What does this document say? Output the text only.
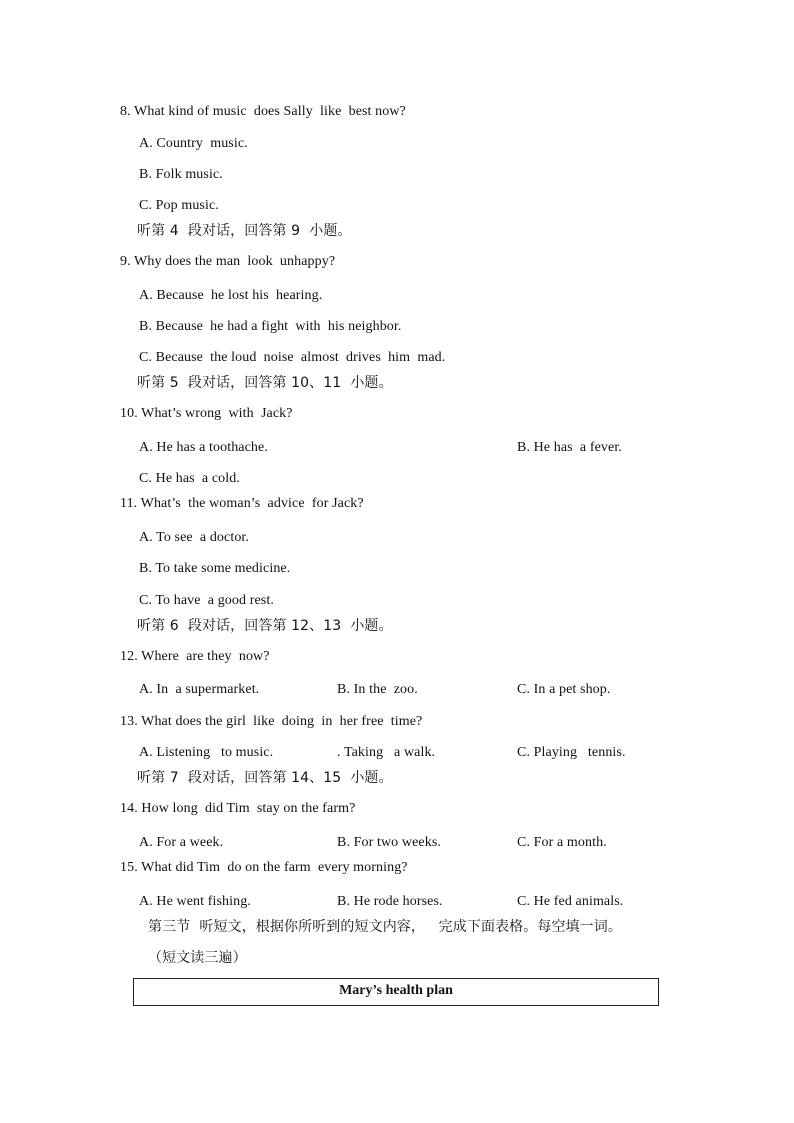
8. What kind of music  does Sally  like  best now?
A. Country  music.
B. Folk music.
C. Pop music.
听第 4  段对话，回答第 9  小题。
9. Why does the man  look  unhappy?
A. Because  he lost his  hearing.
B. Because  he had a fight  with  his neighbor.
C. Because  the loud  noise  almost  drives  him  mad.
听第 5  段对话，回答第 10、11  小题。
10. What’s wrong  with  Jack?
A. He has a toothache.	B. He has  a fever.
C. He has  a cold.
11. What’s  the woman’s  advice  for Jack?
A. To see  a doctor.
B. To take some medicine.
C. To have  a good rest.
听第 6  段对话，回答第 12、13  小题。
12. Where  are they  now?
A. In  a supermarket.	B. In the  zoo.	C. In a pet shop.
13. What does the girl  like  doing  in  her free  time?
A. Listening   to music.	. Taking   a walk.	C. Playing   tennis.
听第 7  段对话，回答第 14、15  小题。
14. How long  did Tim  stay on the farm?
A. For a week.	B. For two weeks.	C. For a month.
15. What did Tim  do on the farm  every morning?
A. He went fishing.	B. He rode horses.	C. He fed animals.
第三节  听短文，根据你所听到的短文内容，   完成下面表格。每空填一词。
（短文读三遍）
Mary’s health plan
